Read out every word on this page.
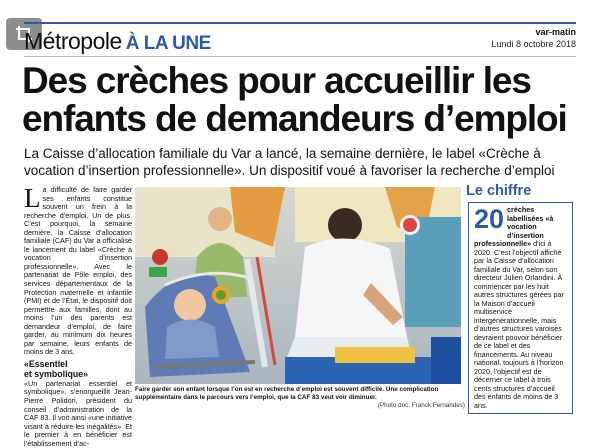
Métropole À LA UNE
var-matin
Lundi 8 octobre 2018
Des crèches pour accueillir les
enfants de demandeurs d’emploi
La Caisse d’allocation familiale du Var a lancé, la semaine dernière, le label «Crèche à
vocation d’insertion professionnelle». Un dispositif voué à favoriser la recherche d’emploi

La difficulté de faire garder ses enfants constitue souvent un frein à la recherche d’emploi. Un de plus. C’est pourquoi, la semaine dernière, la Caisse d’allocation familiale (CAF) du Var a officialisé le lancement du label «Crèche à vocation d’insertion professionnelle». Avec le partenariat de Pôle emploi, des services départementaux de la Protection maternelle et infantile (PMI) et de l’État, le dispositif doit permettre aux familles, dont au moins l’un des parents est demandeur d’emploi, de faire garder, au minimum dix heures par semaine, leurs enfants de moins de 3 ans.

«Essentiel
et symbolique»

«Un partenariat essentiel et symbolique», s’enorgueillit Jean-Pierre Polidori, président du conseil d’administration de la CAF 83. Il voit ainsi «une initiative visant à réduire les inégalités». Et le premier à en bénéficier est l’établissement d’ac-

Faire garder son enfant lorsque l’on est en recherche d’emploi est souvent difficile. Une complication supplémentaire dans le parcours vers l’emploi, que la CAF 83 veut voir diminuer.
(Photo doc. Franck Fernandes)
Le chiffre
20 crèches labellisées «à vocation d’insertion professionnelle» d’ici à 2020. C’est l’objectif affiché par la Caisse d’allocation familiale du Var, selon son directeur Julien Orlandini. À commencer par les huit autres structures gérées par la Maison d’accueil multiservice intergénérationnelle, mais d’autres structures varoises devraient pouvoir bénéficier de ce label et des financements. Au niveau national, toujours à l’horizon 2020, l’objectif est de décerner ce label à trois cents structures d’accueil des enfants de moins de 3 ans.
